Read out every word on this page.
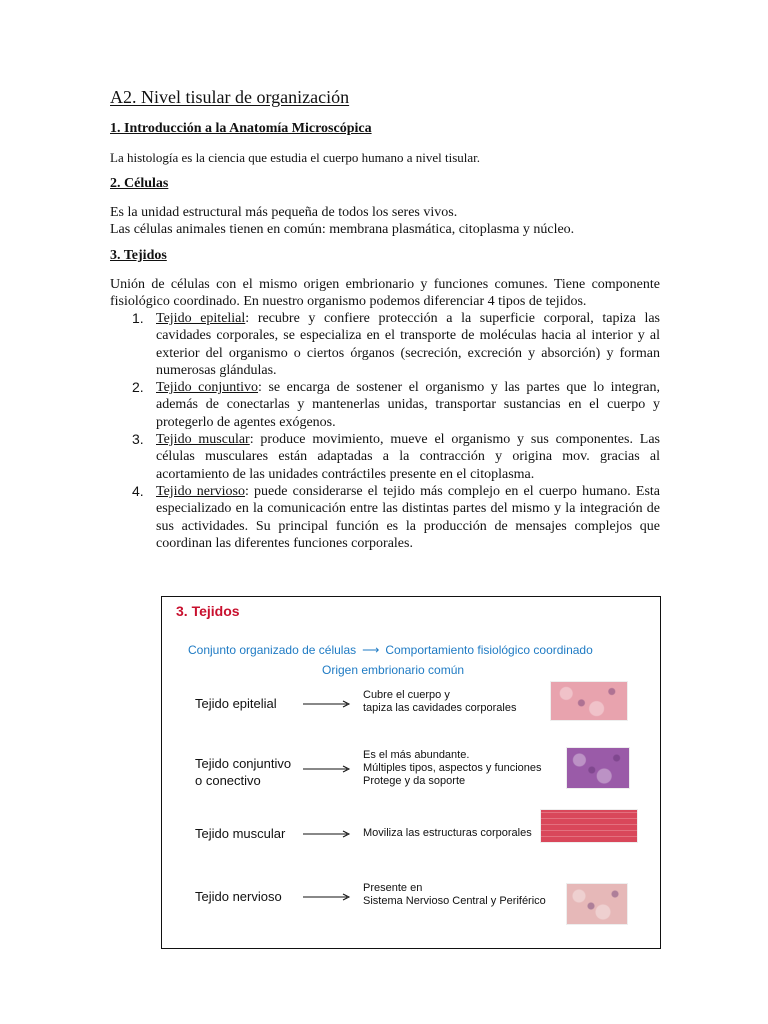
A2. Nivel tisular de organización
1. Introducción a la Anatomía Microscópica
La histología es la ciencia que estudia el cuerpo humano a nivel tisular.
2. Células
Es la unidad estructural más pequeña de todos los seres vivos.
Las células animales tienen en común: membrana plasmática, citoplasma y núcleo.
3. Tejidos
Unión de células con el mismo origen embrionario y funciones comunes. Tiene componente fisiológico coordinado. En nuestro organismo podemos diferenciar 4 tipos de tejidos.
1. Tejido epitelial: recubre y confiere protección a la superficie corporal, tapiza las cavidades corporales, se especializa en el transporte de moléculas hacia al interior y al exterior del organismo o ciertos órganos (secreción, excreción y absorción) y forman numerosas glándulas.
2. Tejido conjuntivo: se encarga de sostener el organismo y las partes que lo integran, además de conectarlas y mantenerlas unidas, transportar sustancias en el cuerpo y protegerlo de agentes exógenos.
3. Tejido muscular: produce movimiento, mueve el organismo y sus componentes. Las células musculares están adaptadas a la contracción y origina mov. gracias al acortamiento de las unidades contráctiles presente en el citoplasma.
4. Tejido nervioso: puede considerarse el tejido más complejo en el cuerpo humano. Esta especializado en la comunicación entre las distintas partes del mismo y la integración de sus actividades. Su principal función es la producción de mensajes complejos que coordinan las diferentes funciones corporales.
3. Tejidos
Conjunto organizado de células ⟶ Comportamiento fisiológico coordinado
Origen embrionario común
Tejido epitelial
Cubre el cuerpo y
tapiza las cavidades corporales
Tejido conjuntivo
o conectivo
Es el más abundante.
Múltiples tipos, aspectos y funciones
Protege y da soporte
Tejido muscular	Moviliza las estructuras corporales
Tejido nervioso
Presente en
Sistema Nervioso Central y Periférico
